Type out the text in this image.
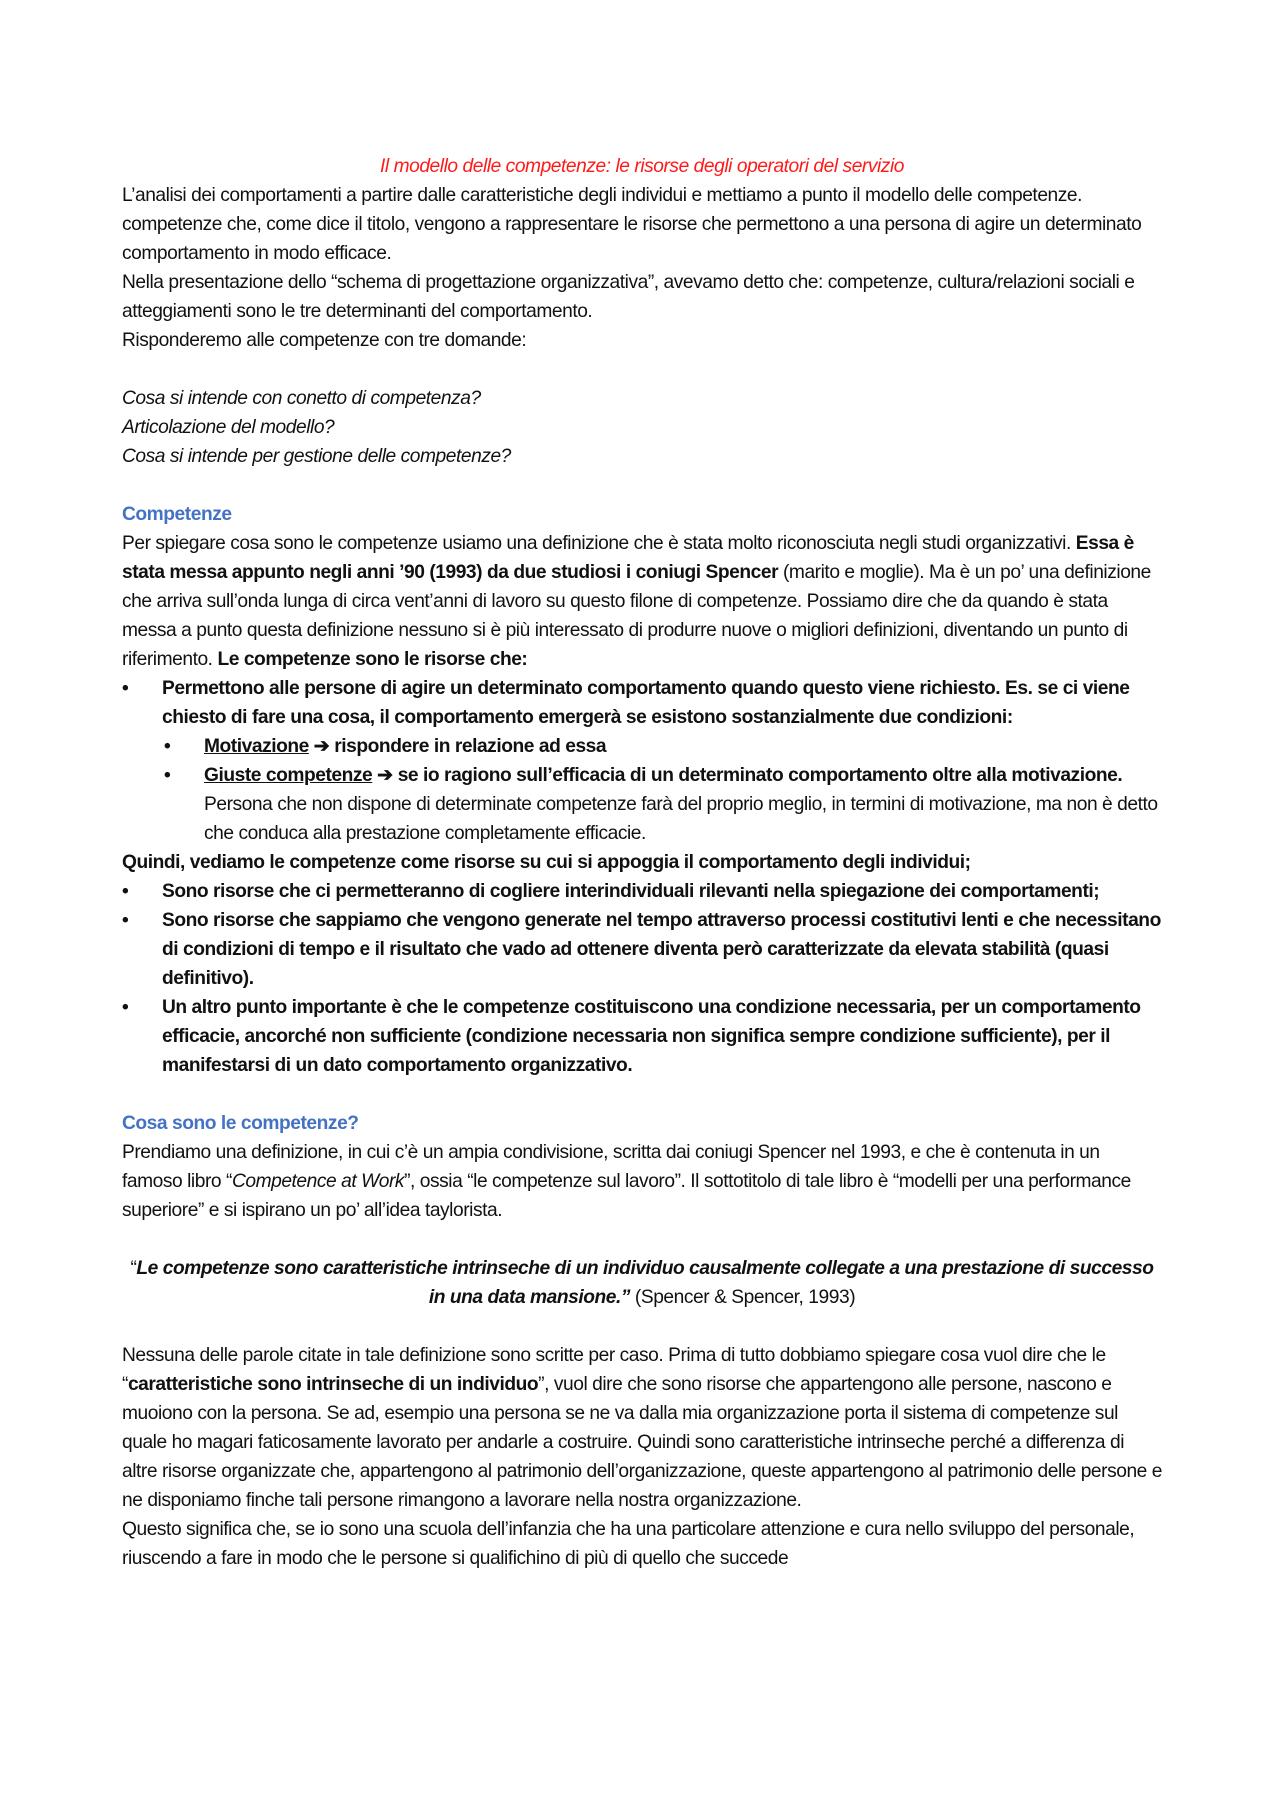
Il modello delle competenze: le risorse degli operatori del servizio

L’analisi dei comportamenti a partire dalle caratteristiche degli individui e mettiamo a punto il modello delle competenze. competenze che, come dice il titolo, vengono a rappresentare le risorse che permettono a una persona di agire un determinato comportamento in modo efficace.

Nella presentazione dello “schema di progettazione organizzativa”, avevamo detto che: competenze, cultura/relazioni sociali e atteggiamenti sono le tre determinanti del comportamento.

Risponderemo alle competenze con tre domande:

Cosa si intende con conetto di competenza?

Articolazione del modello?

Cosa si intende per gestione delle competenze?

Competenze

Per spiegare cosa sono le competenze usiamo una definizione che è stata molto riconosciuta negli studi organizzativi. Essa è stata messa appunto negli anni ’90 (1993) da due studiosi i coniugi Spencer (marito e moglie). Ma è un po’ una definizione che arriva sull’onda lunga di circa vent’anni di lavoro su questo filone di competenze. Possiamo dire che da quando è stata messa a punto questa definizione nessuno si è più interessato di produrre nuove o migliori definizioni, diventando un punto di riferimento. Le competenze sono le risorse che:

•	Permettono alle persone di agire un determinato comportamento quando questo viene richiesto. Es. se ci viene chiesto di fare una cosa, il comportamento emergerà se esistono sostanzialmente due condizioni:
•	Motivazione ➔ rispondere in relazione ad essa
•	Giuste competenze ➔ se io ragiono sull’efficacia di un determinato comportamento oltre alla motivazione. Persona che non dispone di determinate competenze farà del proprio meglio, in termini di motivazione, ma non è detto che conduca alla prestazione completamente efficacie.

Quindi, vediamo le competenze come risorse su cui si appoggia il comportamento degli individui;

•	Sono risorse che ci permetteranno di cogliere interindividuali rilevanti nella spiegazione dei comportamenti;
•	Sono risorse che sappiamo che vengono generate nel tempo attraverso processi costitutivi lenti e che necessitano di condizioni di tempo e il risultato che vado ad ottenere diventa però caratterizzate da elevata stabilità (quasi definitivo).
•	Un altro punto importante è che le competenze costituiscono una condizione necessaria, per un comportamento efficacie, ancorché non sufficiente (condizione necessaria non significa sempre condizione sufficiente), per il manifestarsi di un dato comportamento organizzativo.

Cosa sono le competenze?

Prendiamo una definizione, in cui c’è un ampia condivisione, scritta dai coniugi Spencer nel 1993, e che è contenuta in un famoso libro “Competence at Work”, ossia “le competenze sul lavoro”. Il sottotitolo di tale libro è “modelli per una performance superiore” e si ispirano un po’ all’idea taylorista.

“Le competenze sono caratteristiche intrinseche di un individuo causalmente collegate a una prestazione di successo in una data mansione.” (Spencer & Spencer, 1993)

Nessuna delle parole citate in tale definizione sono scritte per caso. Prima di tutto dobbiamo spiegare cosa vuol dire che le “caratteristiche sono intrinseche di un individuo”, vuol dire che sono risorse che appartengono alle persone, nascono e muoiono con la persona. Se ad, esempio una persona se ne va dalla mia organizzazione porta il sistema di competenze sul quale ho magari faticosamente lavorato per andarle a costruire. Quindi sono caratteristiche intrinseche perché a differenza di altre risorse organizzate che, appartengono al patrimonio dell’organizzazione, queste appartengono al patrimonio delle persone e ne disponiamo finche tali persone rimangono a lavorare nella nostra organizzazione.

Questo significa che, se io sono una scuola dell’infanzia che ha una particolare attenzione e cura nello sviluppo del personale, riuscendo a fare in modo che le persone si qualifichino di più di quello che succede
